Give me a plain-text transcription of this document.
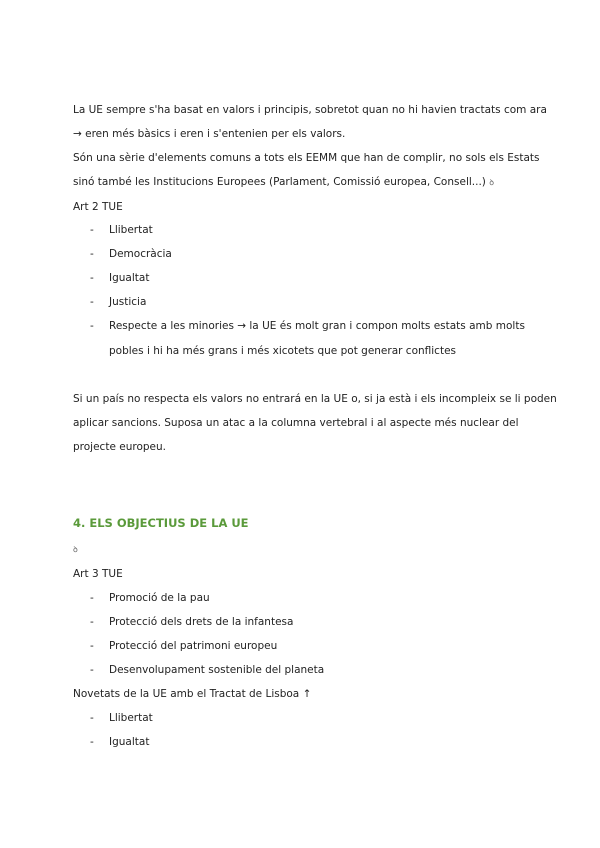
La UE sempre s'ha basat en valors i principis, sobretot quan no hi havien tractats com ara
→ eren més bàsics i eren i s'entenien per els valors.
Són una sèrie d'elements comuns a tots els EEMM que han de complir, no sols els Estats
sinó també les Institucions Europees (Parlament, Comissió europea, Consell...) ꝺ
Art 2 TUE
- Llibertat
- Democràcia
- Igualtat
- Justicia
- Respecte a les minories → la UE és molt gran i compon molts estats amb molts
pobles i hi ha més grans i més xicotets que pot generar conflictes
Si un país no respecta els valors no entrará en la UE o, si ja està i els incompleix se li poden
aplicar sancions. Suposa un atac a la columna vertebral i al aspecte més nuclear del
projecte europeu.
4. ELS OBJECTIUS DE LA UE
ꝺ
Art 3 TUE
- Promoció de la pau
- Protecció dels drets de la infantesa
- Protecció del patrimoni europeu
- Desenvolupament sostenible del planeta
Novetats de la UE amb el Tractat de Lisboa ↑
- Llibertat
- Igualtat
